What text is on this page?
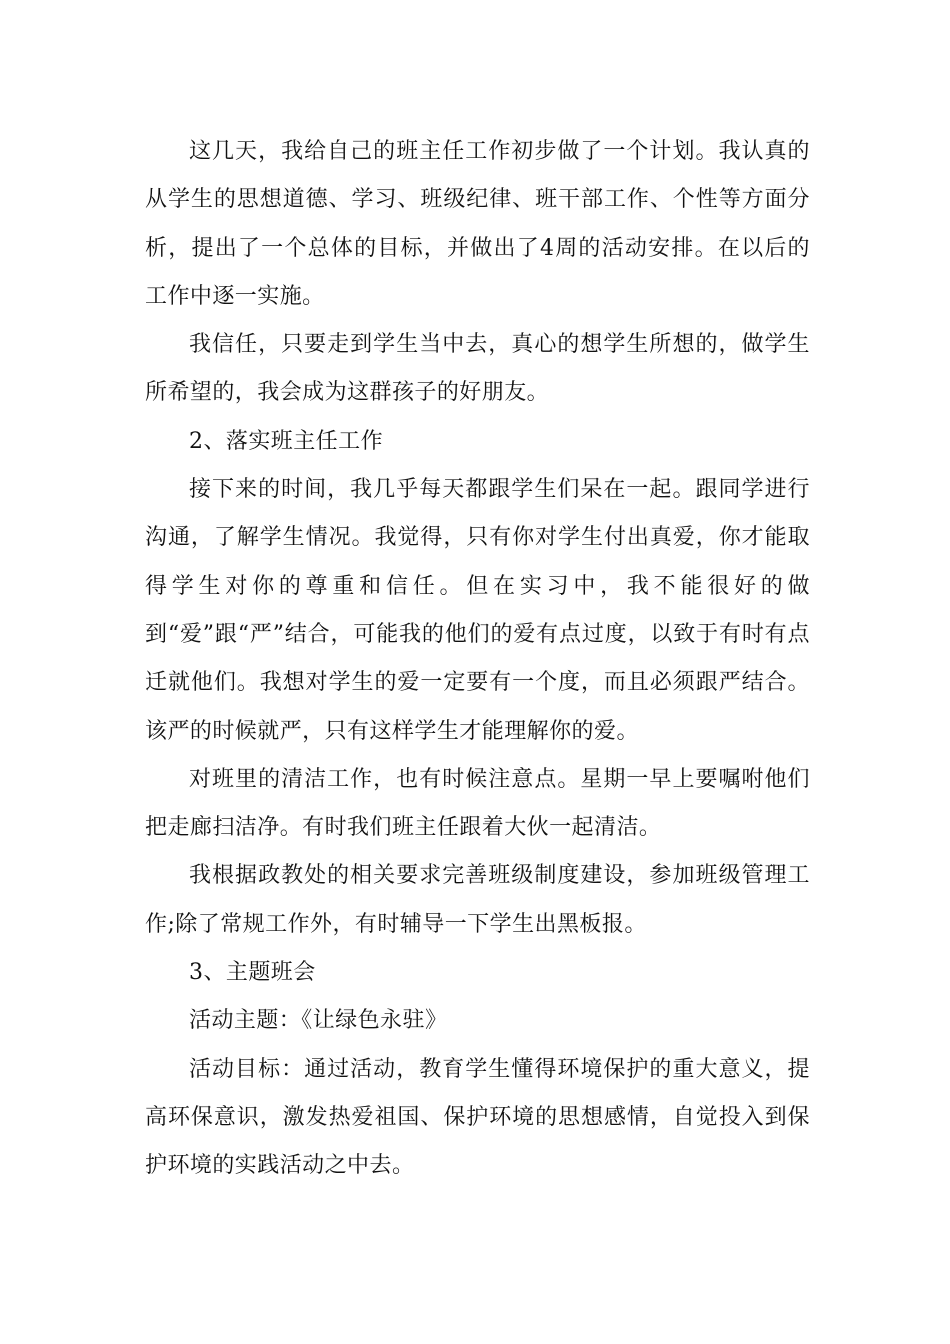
这几天，我给自己的班主任工作初步做了一个计划。我认真的从学生的思想道德、学习、班级纪律、班干部工作、个性等方面分析，提出了一个总体的目标，并做出了4周的活动安排。在以后的工作中逐一实施。

我信任，只要走到学生当中去，真心的想学生所想的，做学生所希望的，我会成为这群孩子的好朋友。

2、落实班主任工作

接下来的时间，我几乎每天都跟学生们呆在一起。跟同学进行沟通，了解学生情况。我觉得，只有你对学生付出真爱，你才能取得学生对你的尊重和信任。但在实习中，我不能很好的做到“爱”跟“严”结合，可能我的他们的爱有点过度，以致于有时有点迁就他们。我想对学生的爱一定要有一个度，而且必须跟严结合。该严的时候就严，只有这样学生才能理解你的爱。

对班里的清洁工作，也有时候注意点。星期一早上要嘱咐他们把走廊扫洁净。有时我们班主任跟着大伙一起清洁。

我根据政教处的相关要求完善班级制度建设，参加班级管理工作;除了常规工作外，有时辅导一下学生出黑板报。

3、主题班会

活动主题：《让绿色永驻》

活动目标：通过活动，教育学生懂得环境保护的重大意义，提高环保意识，激发热爱祖国、保护环境的思想感情，自觉投入到保护环境的实践活动之中去。
